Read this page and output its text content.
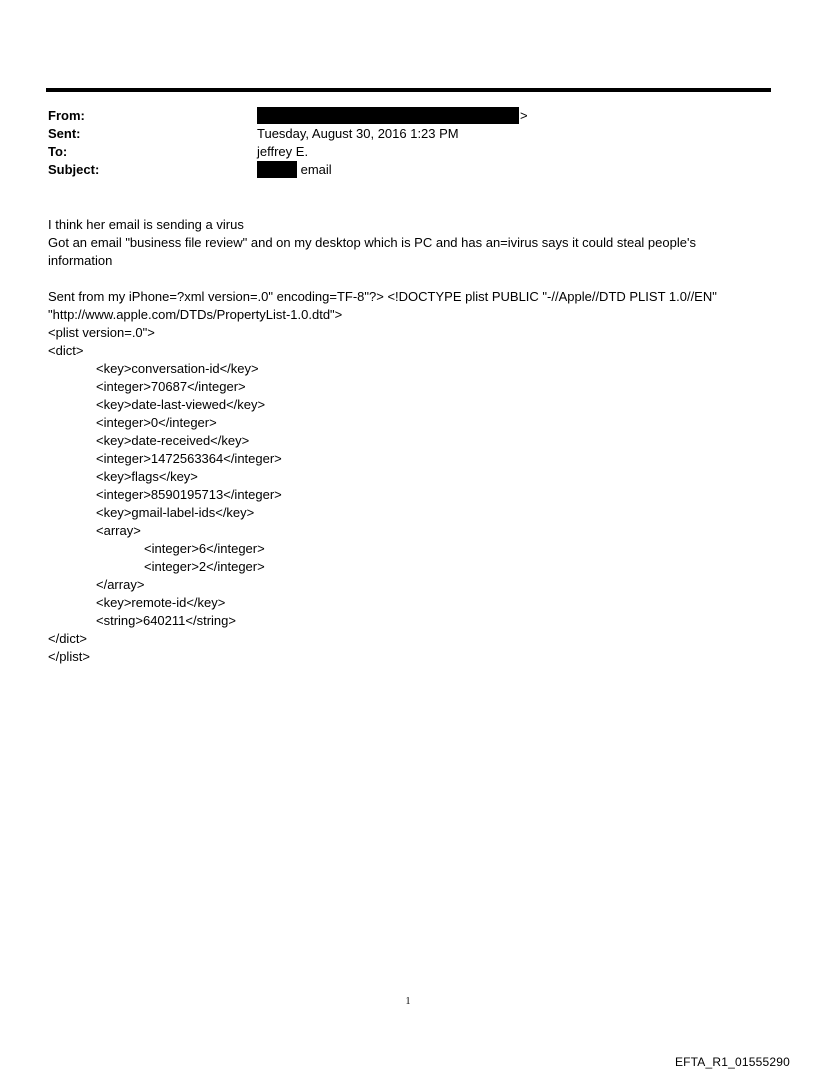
From:	>
Sent:	Tuesday, August 30, 2016 1:23 PM
To:	jeffrey E.
Subject:	email
I think her email is sending a virus
Got an email "business file review" and on my desktop which is PC and has an=ivirus says it could steal people's
information
Sent from my iPhone=?xml version=.0" encoding=TF-8"?> <!DOCTYPE plist PUBLIC "-//Apple//DTD PLIST 1.0//EN"
"http://www.apple.com/DTDs/PropertyList-1.0.dtd">
<plist version=.0">
<dict>
<key>conversation-id</key>
<integer>70687</integer>
<key>date-last-viewed</key>
<integer>0</integer>
<key>date-received</key>
<integer>1472563364</integer>
<key>flags</key>
<integer>8590195713</integer>
<key>gmail-label-ids</key>
<array>
<integer>6</integer>
<integer>2</integer>
</array>
<key>remote-id</key>
<string>640211</string>
</dict>
</plist>
1
EFTA_R1_01555290
